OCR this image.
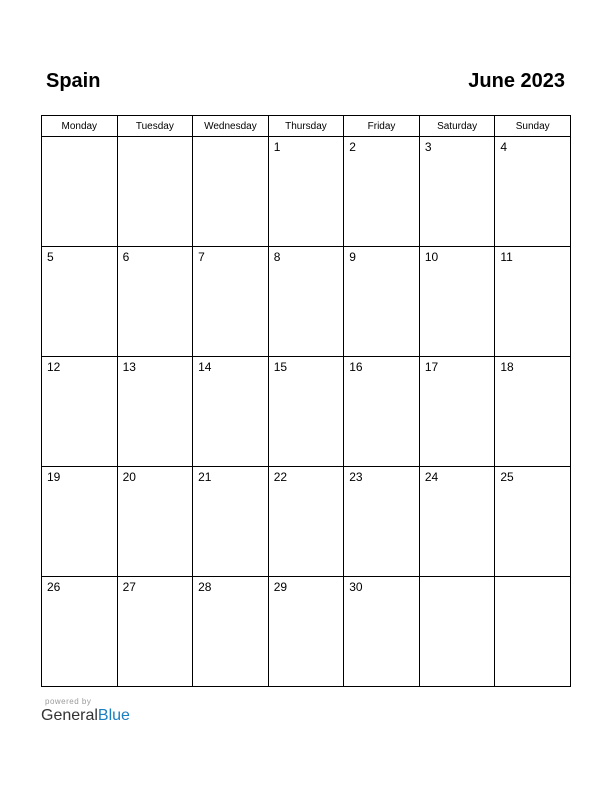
Spain	June 2023
Monday	Tuesday	Wednesday	Thursday	Friday	Saturday	Sunday

			1	2	3	4

5	6	7	8	9	10	11

12	13	14	15	16	17	18

19	20	21	22	23	24	25

26	27	28	29	30		

powered by
GeneralBlue
